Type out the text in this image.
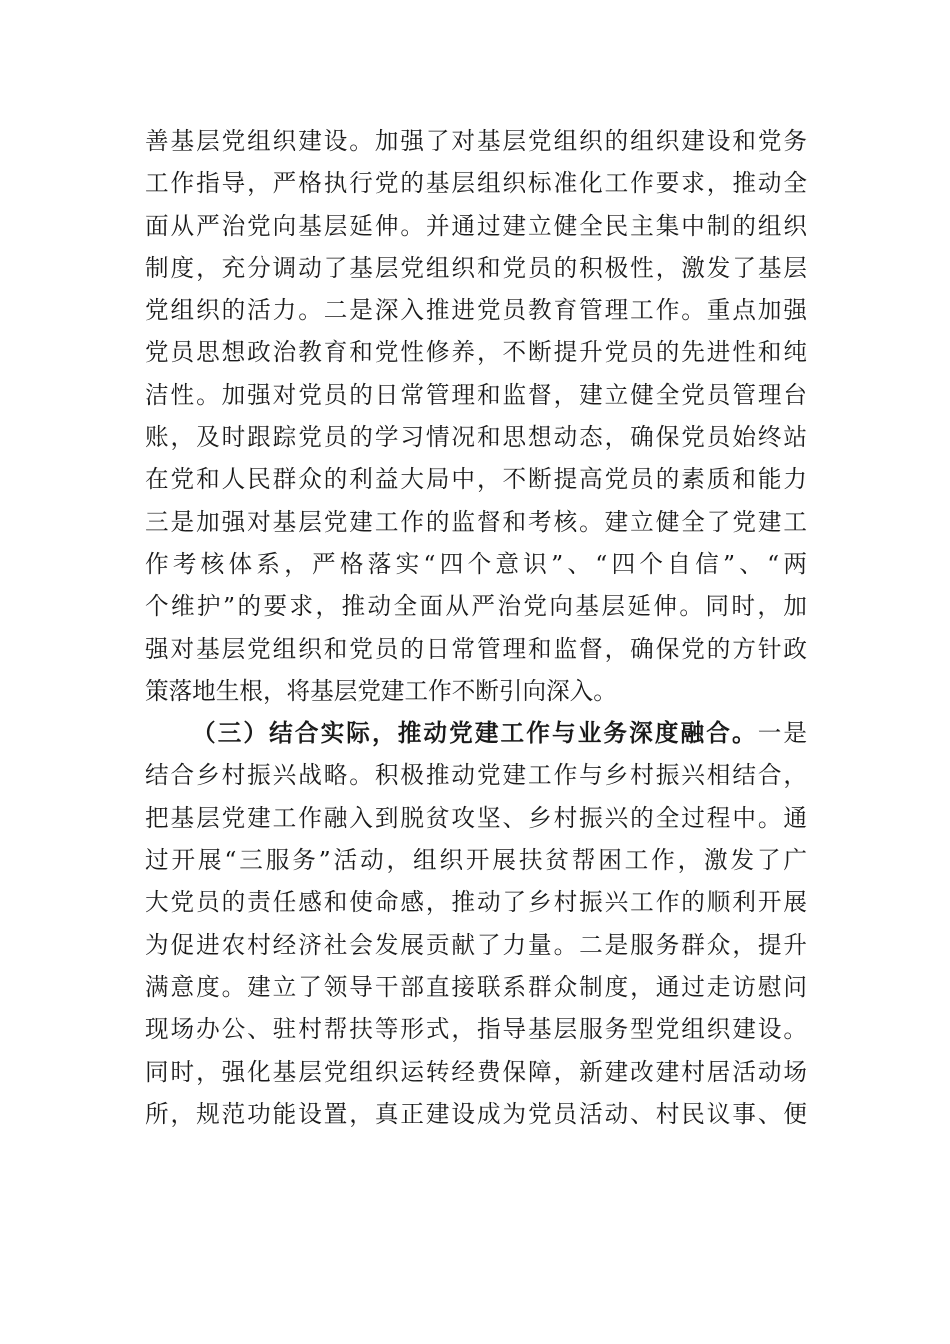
善基层党组织建设。加强了对基层党组织的组织建设和党务
工作指导，严格执行党的基层组织标准化工作要求，推动全
面从严治党向基层延伸。并通过建立健全民主集中制的组织
制度，充分调动了基层党组织和党员的积极性，激发了基层
党组织的活力。二是深入推进党员教育管理工作。重点加强
党员思想政治教育和党性修养，不断提升党员的先进性和纯
洁性。加强对党员的日常管理和监督，建立健全党员管理台
账，及时跟踪党员的学习情况和思想动态，确保党员始终站
在党和人民群众的利益大局中，不断提高党员的素质和能力
三是加强对基层党建工作的监督和考核。建立健全了党建工
作考核体系，严格落实“四个意识”、“四个自信”、“两
个维护”的要求，推动全面从严治党向基层延伸。同时，加
强对基层党组织和党员的日常管理和监督，确保党的方针政
策落地生根，将基层党建工作不断引向深入。
（三）结合实际，推动党建工作与业务深度融合。一是
结合乡村振兴战略。积极推动党建工作与乡村振兴相结合，
把基层党建工作融入到脱贫攻坚、乡村振兴的全过程中。通
过开展“三服务”活动，组织开展扶贫帮困工作，激发了广
大党员的责任感和使命感，推动了乡村振兴工作的顺利开展
为促进农村经济社会发展贡献了力量。二是服务群众，提升
满意度。建立了领导干部直接联系群众制度，通过走访慰问
现场办公、驻村帮扶等形式，指导基层服务型党组织建设。
同时，强化基层党组织运转经费保障，新建改建村居活动场
所，规范功能设置，真正建设成为党员活动、村民议事、便
